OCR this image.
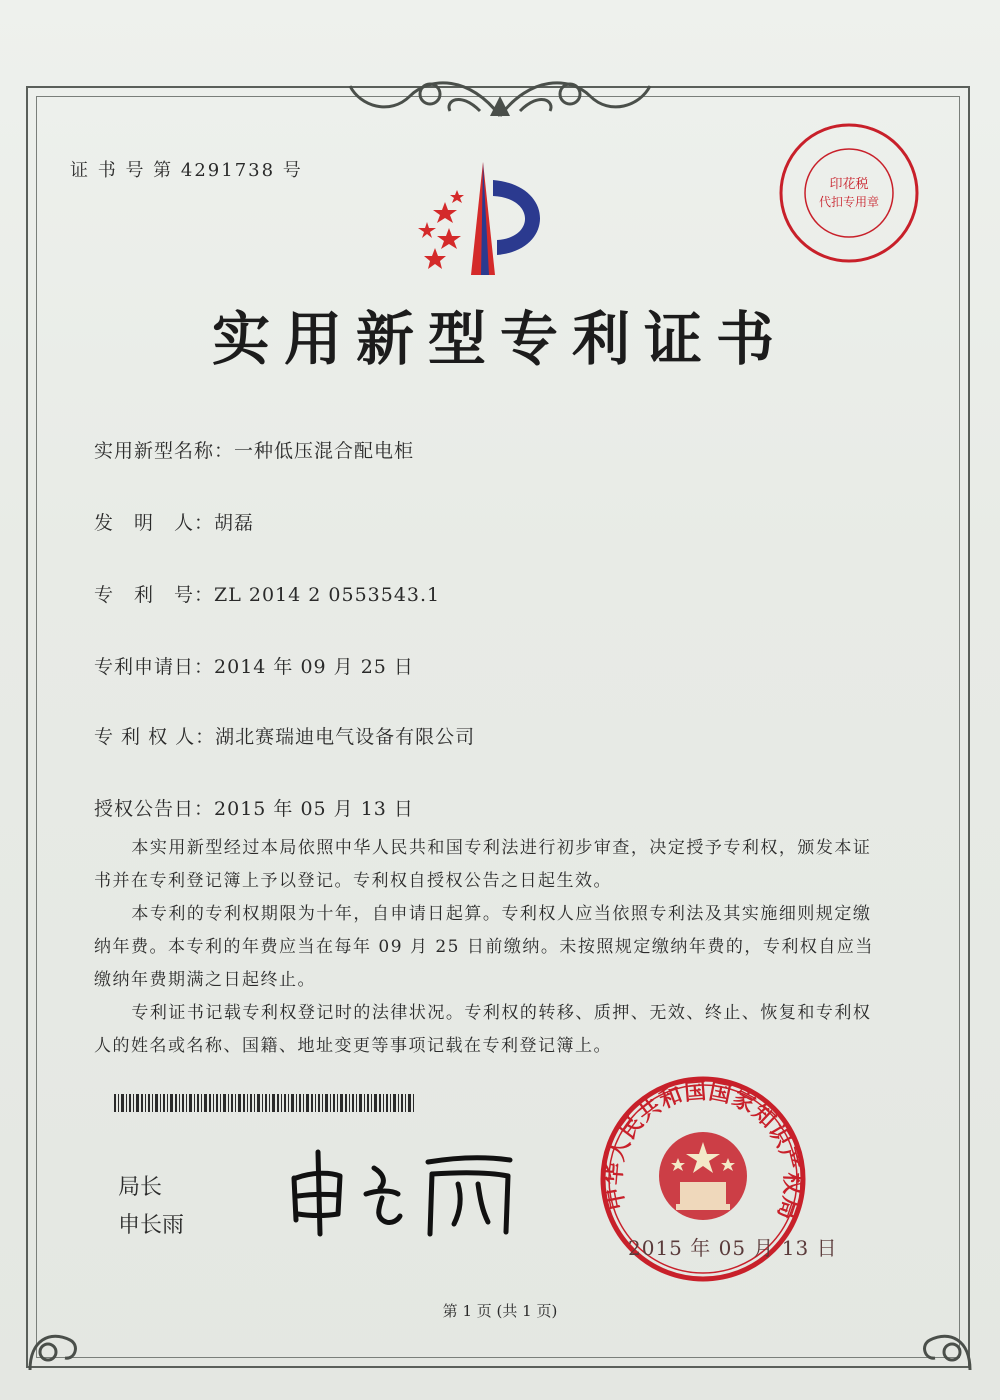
证 书 号 第 4291738 号
印花税
代扣专用章
实用新型专利证书
实用新型名称：一种低压混合配电柜
发　明　人：胡磊
专　利　号：ZL 2014 2 0553543.1
专利申请日：2014 年 09 月 25 日
专 利 权 人：湖北赛瑞迪电气设备有限公司
授权公告日：2015 年 05 月 13 日

本实用新型经过本局依照中华人民共和国专利法进行初步审查，决定授予专利权，颁发本证书并在专利登记簿上予以登记。专利权自授权公告之日起生效。

本专利的专利权期限为十年，自申请日起算。专利权人应当依照专利法及其实施细则规定缴纳年费。本专利的年费应当在每年 09 月 25 日前缴纳。未按照规定缴纳年费的，专利权自应当缴纳年费期满之日起终止。

专利证书记载专利权登记时的法律状况。专利权的转移、质押、无效、终止、恢复和专利权人的姓名或名称、国籍、地址变更等事项记载在专利登记簿上。

局长
申长雨
中华人民共和国国家知识产权局
2015 年 05 月 13 日
第 1 页 (共 1 页)
